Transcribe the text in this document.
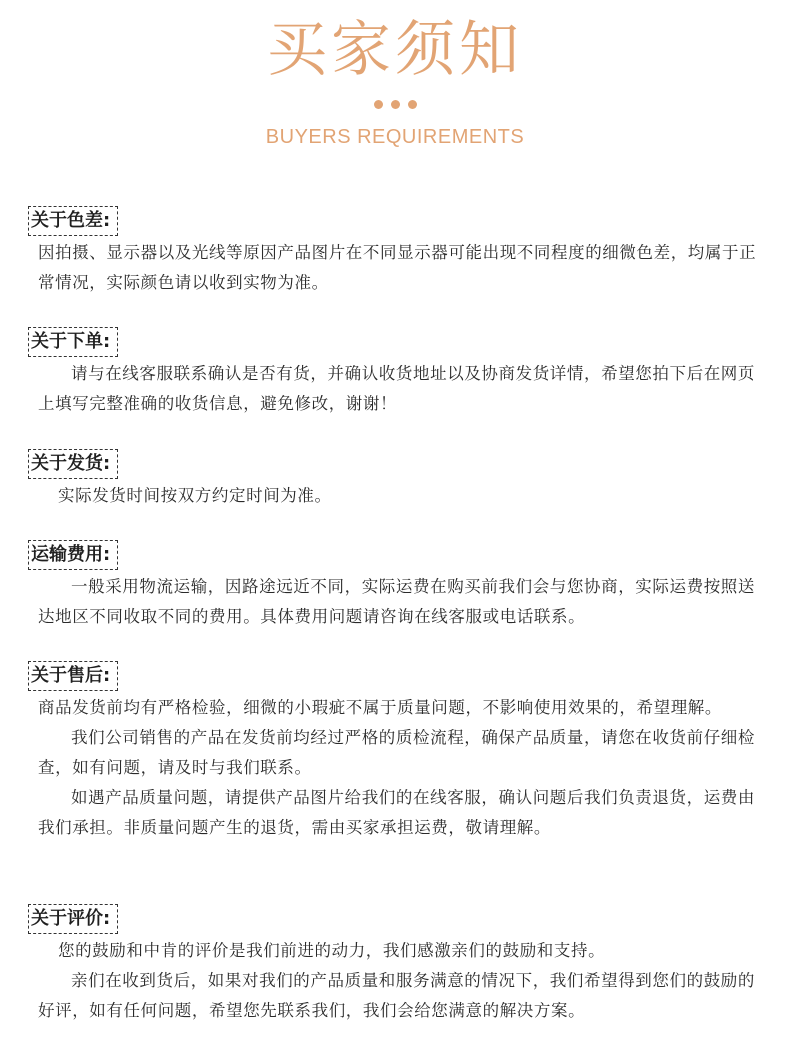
买家须知

BUYERS REQUIREMENTS
关于色差:

因拍摄、显示器以及光线等原因产品图片在不同显示器可能出现不同程度的细微色差，均属于正常情况，实际颜色请以收到实物为准。

关于下单:

请与在线客服联系确认是否有货，并确认收货地址以及协商发货详情，希望您拍下后在网页上填写完整准确的收货信息，避免修改，谢谢！

关于发货:

实际发货时间按双方约定时间为准。

运输费用:

一般采用物流运输，因路途远近不同，实际运费在购买前我们会与您协商，实际运费按照送达地区不同收取不同的费用。具体费用问题请咨询在线客服或电话联系。

关于售后:

商品发货前均有严格检验，细微的小瑕疵不属于质量问题，不影响使用效果的，希望理解。

我们公司销售的产品在发货前均经过严格的质检流程，确保产品质量，请您在收货前仔细检查，如有问题，请及时与我们联系。

如遇产品质量问题，请提供产品图片给我们的在线客服，确认问题后我们负责退货，运费由我们承担。非质量问题产生的退货，需由买家承担运费，敬请理解。

关于评价:

您的鼓励和中肯的评价是我们前进的动力，我们感激亲们的鼓励和支持。

亲们在收到货后，如果对我们的产品质量和服务满意的情况下，我们希望得到您们的鼓励的好评，如有任何问题，希望您先联系我们，我们会给您满意的解决方案。
